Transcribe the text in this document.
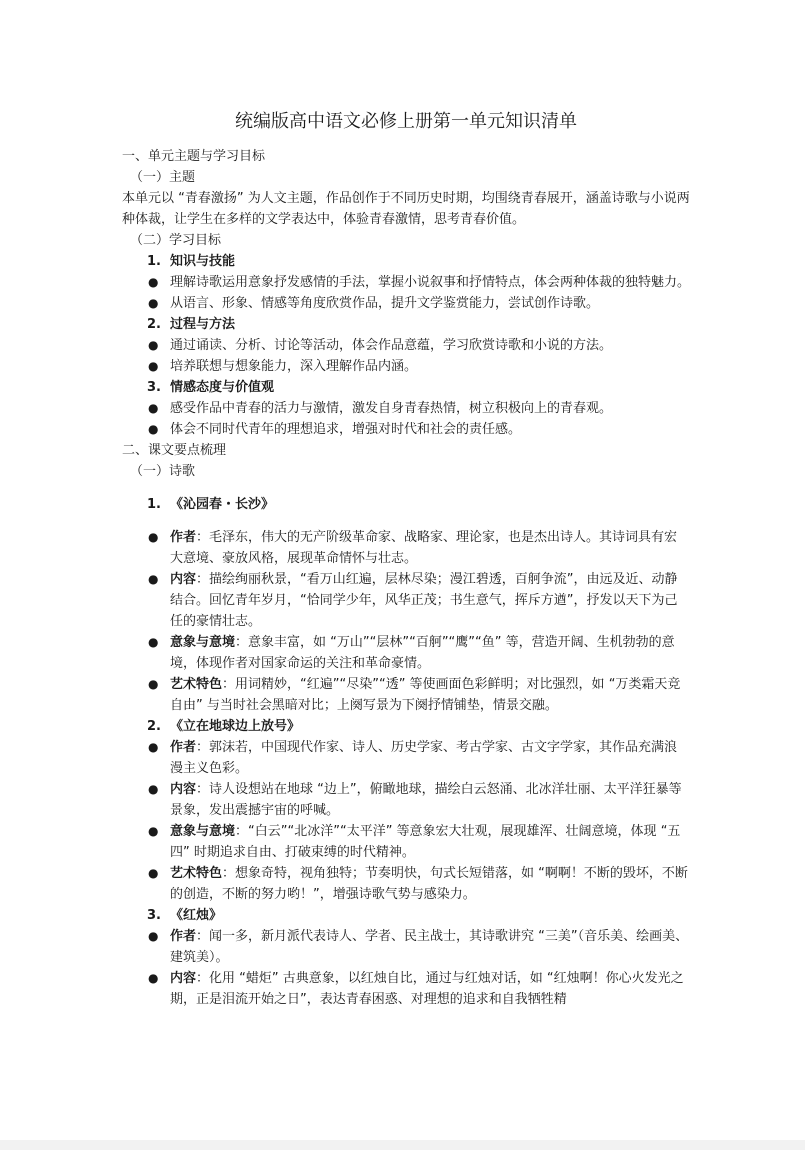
统编版高中语文必修上册第一单元知识清单

一、单元主题与学习目标

（一）主题

本单元以 “青春激扬” 为人文主题，作品创作于不同历史时期，均围绕青春展开，涵盖诗歌与小说两种体裁，让学生在多样的文学表达中，体验青春激情，思考青春价值。

（二）学习目标

1. 知识与技能

● 理解诗歌运用意象抒发感情的手法，掌握小说叙事和抒情特点，体会两种体裁的独特魅力。

● 从语言、形象、情感等角度欣赏作品，提升文学鉴赏能力，尝试创作诗歌。

2. 过程与方法

● 通过诵读、分析、讨论等活动，体会作品意蕴，学习欣赏诗歌和小说的方法。

● 培养联想与想象能力，深入理解作品内涵。

3. 情感态度与价值观

● 感受作品中青春的活力与激情，激发自身青春热情，树立积极向上的青春观。

● 体会不同时代青年的理想追求，增强对时代和社会的责任感。

二、课文要点梳理

（一）诗歌

1. 《沁园春・长沙》

● 作者：毛泽东，伟大的无产阶级革命家、战略家、理论家，也是杰出诗人。其诗词具有宏大意境、豪放风格，展现革命情怀与壮志。

● 内容：描绘绚丽秋景，“看万山红遍，层林尽染；漫江碧透，百舸争流”，由远及近、动静结合。回忆青年岁月，“恰同学少年，风华正茂；书生意气，挥斥方遒”，抒发以天下为己任的豪情壮志。

● 意象与意境：意象丰富，如 “万山”“层林”“百舸”“鹰”“鱼” 等，营造开阔、生机勃勃的意境，体现作者对国家命运的关注和革命豪情。

● 艺术特色：用词精妙，“红遍”“尽染”“透” 等使画面色彩鲜明；对比强烈，如 “万类霜天竞自由” 与当时社会黑暗对比；上阕写景为下阕抒情铺垫，情景交融。

2. 《立在地球边上放号》

● 作者：郭沫若，中国现代作家、诗人、历史学家、考古学家、古文字学家，其作品充满浪漫主义色彩。

● 内容：诗人设想站在地球 “边上”，俯瞰地球，描绘白云怒涌、北冰洋壮丽、太平洋狂暴等景象，发出震撼宇宙的呼喊。

● 意象与意境：“白云”“北冰洋”“太平洋” 等意象宏大壮观，展现雄浑、壮阔意境，体现 “五四” 时期追求自由、打破束缚的时代精神。

● 艺术特色：想象奇特，视角独特；节奏明快，句式长短错落，如 “啊啊！不断的毁坏，不断的创造，不断的努力哟！”，增强诗歌气势与感染力。

3. 《红烛》

● 作者：闻一多，新月派代表诗人、学者、民主战士，其诗歌讲究 “三美”（音乐美、绘画美、建筑美）。

● 内容：化用 “蜡炬” 古典意象，以红烛自比，通过与红烛对话，如 “红烛啊！你心火发光之期，正是泪流开始之日”，表达青春困惑、对理想的追求和自我牺牲精
